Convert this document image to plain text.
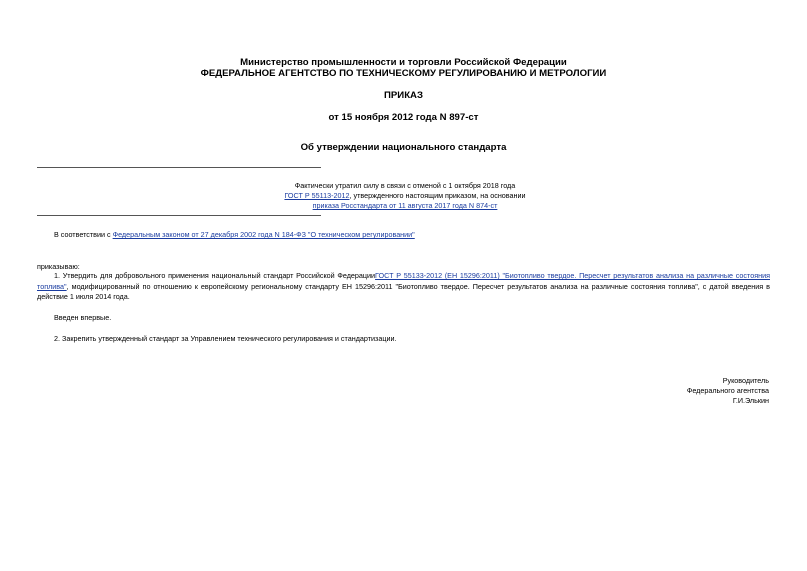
Министерство промышленности и торговли Российской Федерации
ФЕДЕРАЛЬНОЕ АГЕНТСТВО ПО ТЕХНИЧЕСКОМУ РЕГУЛИРОВАНИЮ И МЕТРОЛОГИИ
ПРИКАЗ
от 15 ноября 2012 года N 897-ст
Об утверждении национального стандарта
Фактически утратил силу в связи с отменой с 1 октября 2018 года
ГОСТ Р 55113-2012, утвержденного настоящим приказом, на основании
приказа Росстандарта от 11 августа 2017 года N 874-ст
В соответствии с Федеральным законом от 27 декабря 2002 года N 184-ФЗ "О техническом регулировании"
приказываю:
1. Утвердить для добровольного применения национальный стандарт Российской ФедерацииГОСТ Р 55133-2012 (ЕН 15296:2011) "Биотопливо твердое. Пересчет результатов анализа на различные состояния топлива", модифицированный по отношению к европейскому региональному стандарту ЕН 15296:2011 "Биотопливо твердое. Пересчет результатов анализа на различные состояния топлива", с датой введения в действие 1 июля 2014 года.
Введен впервые.
2. Закрепить утвержденный стандарт за Управлением технического регулирования и стандартизации.
Руководитель
Федерального агентства
Г.И.Элькин
